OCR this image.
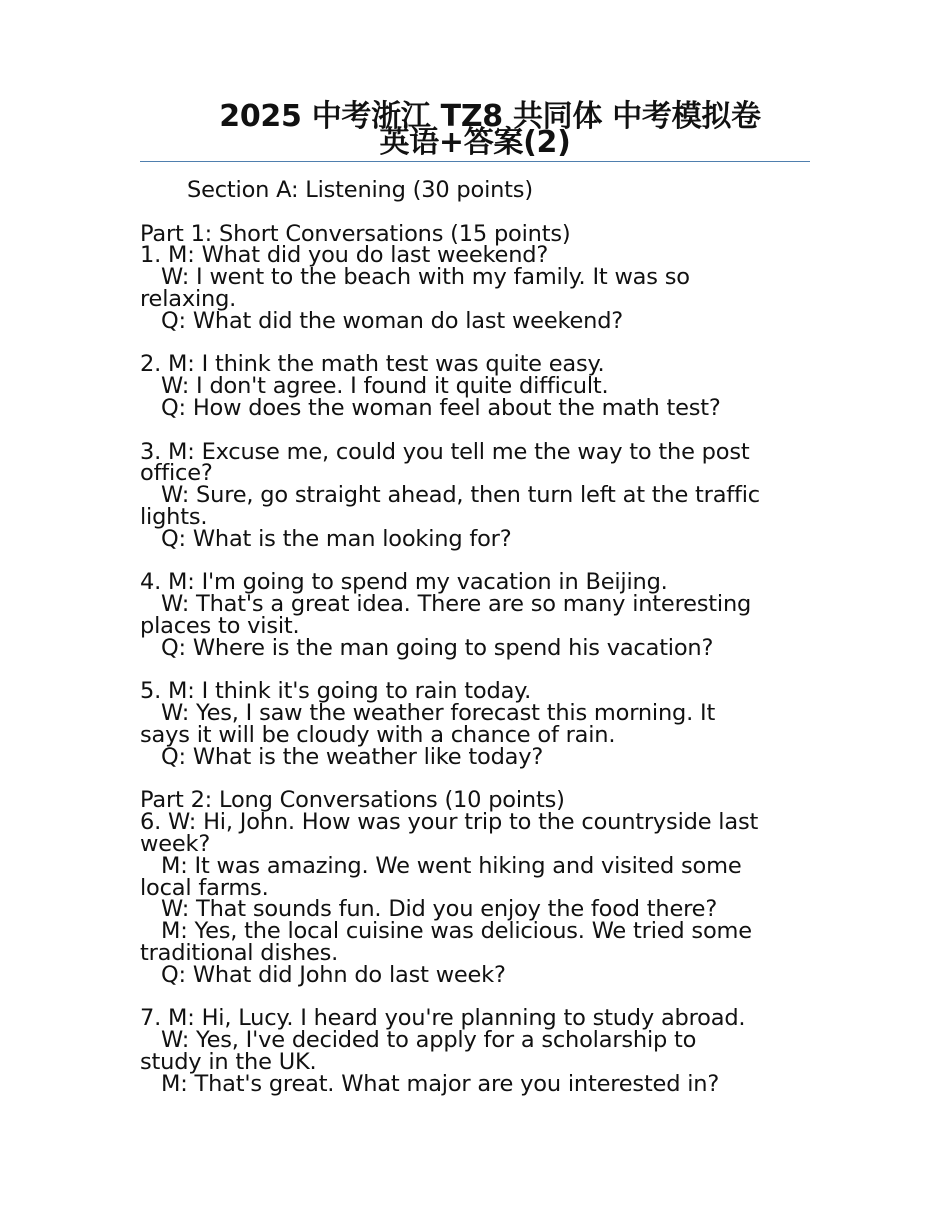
2025 中考浙江 TZ8 共同体 中考模拟卷
英语+答案(2)
Section A: Listening (30 points)
Part 1: Short Conversations (15 points)
1. M: What did you do last weekend?
W: I went to the beach with my family. It was so
relaxing.
Q: What did the woman do last weekend?
2. M: I think the math test was quite easy.
W: I don't agree. I found it quite difficult.
Q: How does the woman feel about the math test?
3. M: Excuse me, could you tell me the way to the post
office?
W: Sure, go straight ahead, then turn left at the traffic
lights.
Q: What is the man looking for?
4. M: I'm going to spend my vacation in Beijing.
W: That's a great idea. There are so many interesting
places to visit.
Q: Where is the man going to spend his vacation?
5. M: I think it's going to rain today.
W: Yes, I saw the weather forecast this morning. It
says it will be cloudy with a chance of rain.
Q: What is the weather like today?
Part 2: Long Conversations (10 points)
6. W: Hi, John. How was your trip to the countryside last
week?
M: It was amazing. We went hiking and visited some
local farms.
W: That sounds fun. Did you enjoy the food there?
M: Yes, the local cuisine was delicious. We tried some
traditional dishes.
Q: What did John do last week?
7. M: Hi, Lucy. I heard you're planning to study abroad.
W: Yes, I've decided to apply for a scholarship to
study in the UK.
M: That's great. What major are you interested in?
